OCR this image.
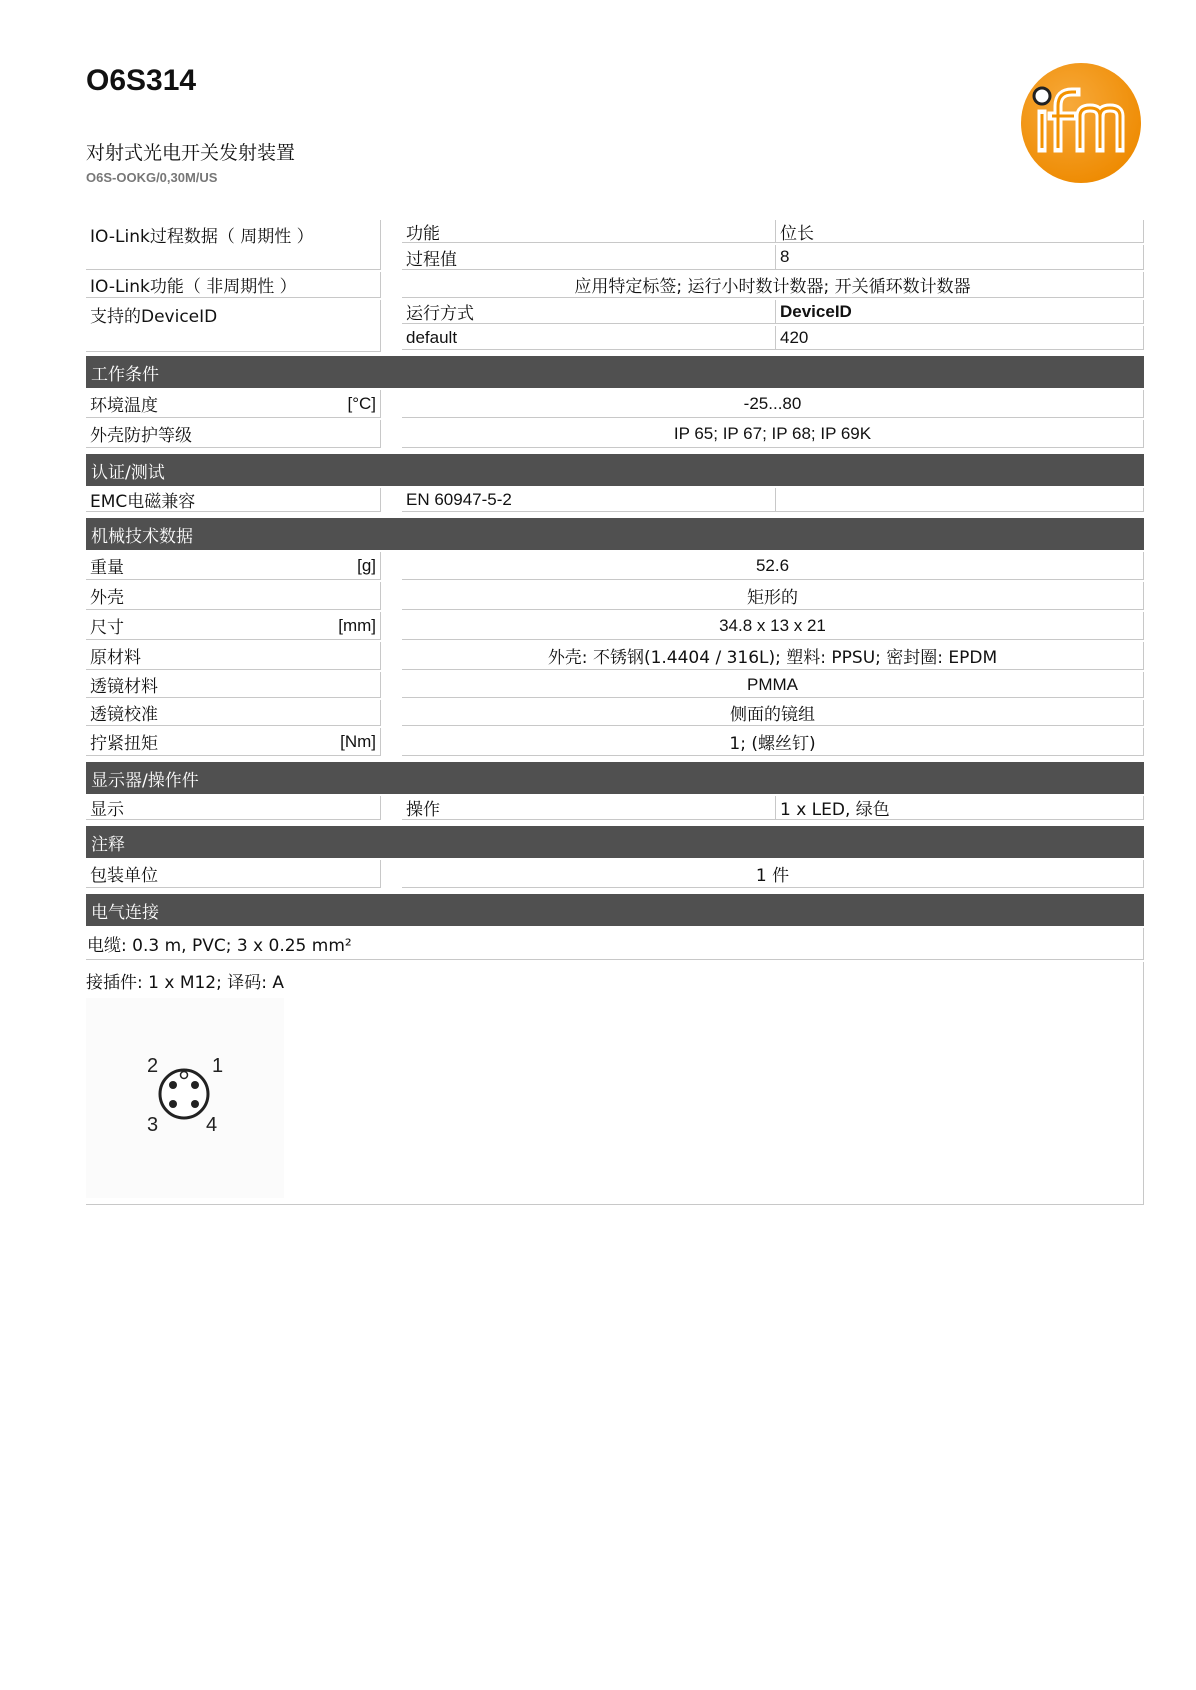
O6S314
对射式光电开关发射装置
O6S-OOKG/0,30M/US
IO-Link过程数据（ 周期性 ）	功能	位长
过程值	8
IO-Link功能（ 非周期性 ）	应用特定标签; 运行小时数计数器; 开关循环数计数器
支持的DeviceID	运行方式	DeviceID
default	420
工作条件
环境温度	[°C]	-25...80
外壳防护等级	IP 65; IP 67; IP 68; IP 69K
认证/测试
EMC电磁兼容	EN 60947-5-2
机械技术数据
重量	[g]	52.6
外壳	矩形的
尺寸	[mm]	34.8 x 13 x 21
原材料	外壳: 不锈钢(1.4404 / 316L); 塑料: PPSU; 密封圈: EPDM
透镜材料	PMMA
透镜校准	侧面的镜组
拧紧扭矩	[Nm]	1; (螺丝钉)
显示器/操作件
显示	操作	1 x LED, 绿色
注释
包装单位	1 件
电气连接
电缆: 0.3 m, PVC; 3 x 0.25 mm²
接插件: 1 x M12; 译码: A
1
2
3 4
